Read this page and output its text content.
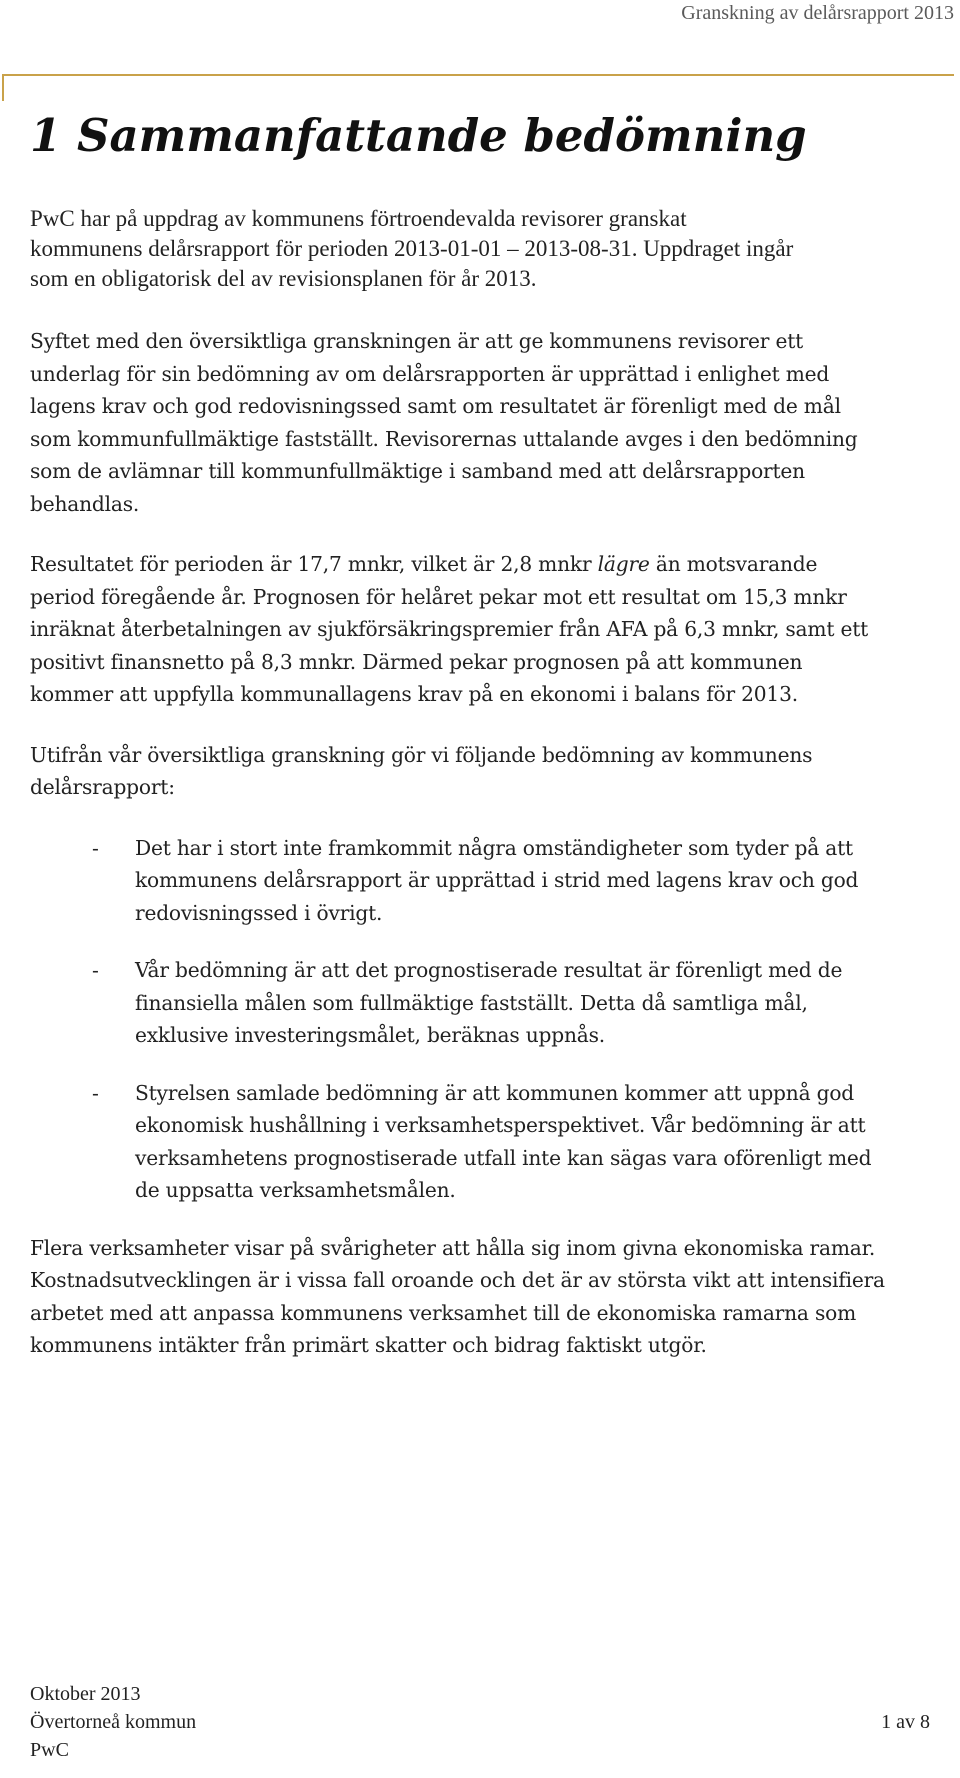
Granskning av delårsrapport 2013
1 Sammanfattande bedömning

PwC har på uppdrag av kommunens förtroendevalda revisorer granskat
kommunens delårsrapport för perioden 2013-01-01 – 2013-08-31. Uppdraget ingår
som en obligatorisk del av revisionsplanen för år 2013.

Syftet med den översiktliga granskningen är att ge kommunens revisorer ett
underlag för sin bedömning av om delårsrapporten är upprättad i enlighet med
lagens krav och god redovisningssed samt om resultatet är förenligt med de mål
som kommunfullmäktige fastställt. Revisorernas uttalande avges i den bedömning
som de avlämnar till kommunfullmäktige i samband med att delårsrapporten
behandlas.

Resultatet för perioden är 17,7 mnkr, vilket är 2,8 mnkr lägre än motsvarande
period föregående år. Prognosen för helåret pekar mot ett resultat om 15,3 mnkr
inräknat återbetalningen av sjukförsäkringspremier från AFA på 6,3 mnkr, samt ett
positivt finansnetto på 8,3 mnkr. Därmed pekar prognosen på att kommunen
kommer att uppfylla kommunallagens krav på en ekonomi i balans för 2013.

Utifrån vår översiktliga granskning gör vi följande bedömning av kommunens
delårsrapport:

- Det har i stort inte framkommit några omständigheter som tyder på att
kommunens delårsrapport är upprättad i strid med lagens krav och god
redovisningssed i övrigt.
- Vår bedömning är att det prognostiserade resultat är förenligt med de
finansiella målen som fullmäktige fastställt. Detta då samtliga mål,
exklusive investeringsmålet, beräknas uppnås.
- Styrelsen samlade bedömning är att kommunen kommer att uppnå god
ekonomisk hushållning i verksamhetsperspektivet. Vår bedömning är att
verksamhetens prognostiserade utfall inte kan sägas vara oförenligt med
de uppsatta verksamhetsmålen.

Flera verksamheter visar på svårigheter att hålla sig inom givna ekonomiska ramar.
Kostnadsutvecklingen är i vissa fall oroande och det är av största vikt att intensifiera
arbetet med att anpassa kommunens verksamhet till de ekonomiska ramarna som
kommunens intäkter från primärt skatter och bidrag faktiskt utgör.

Oktober 2013
Övertorneå kommun
PwC
1 av 8
